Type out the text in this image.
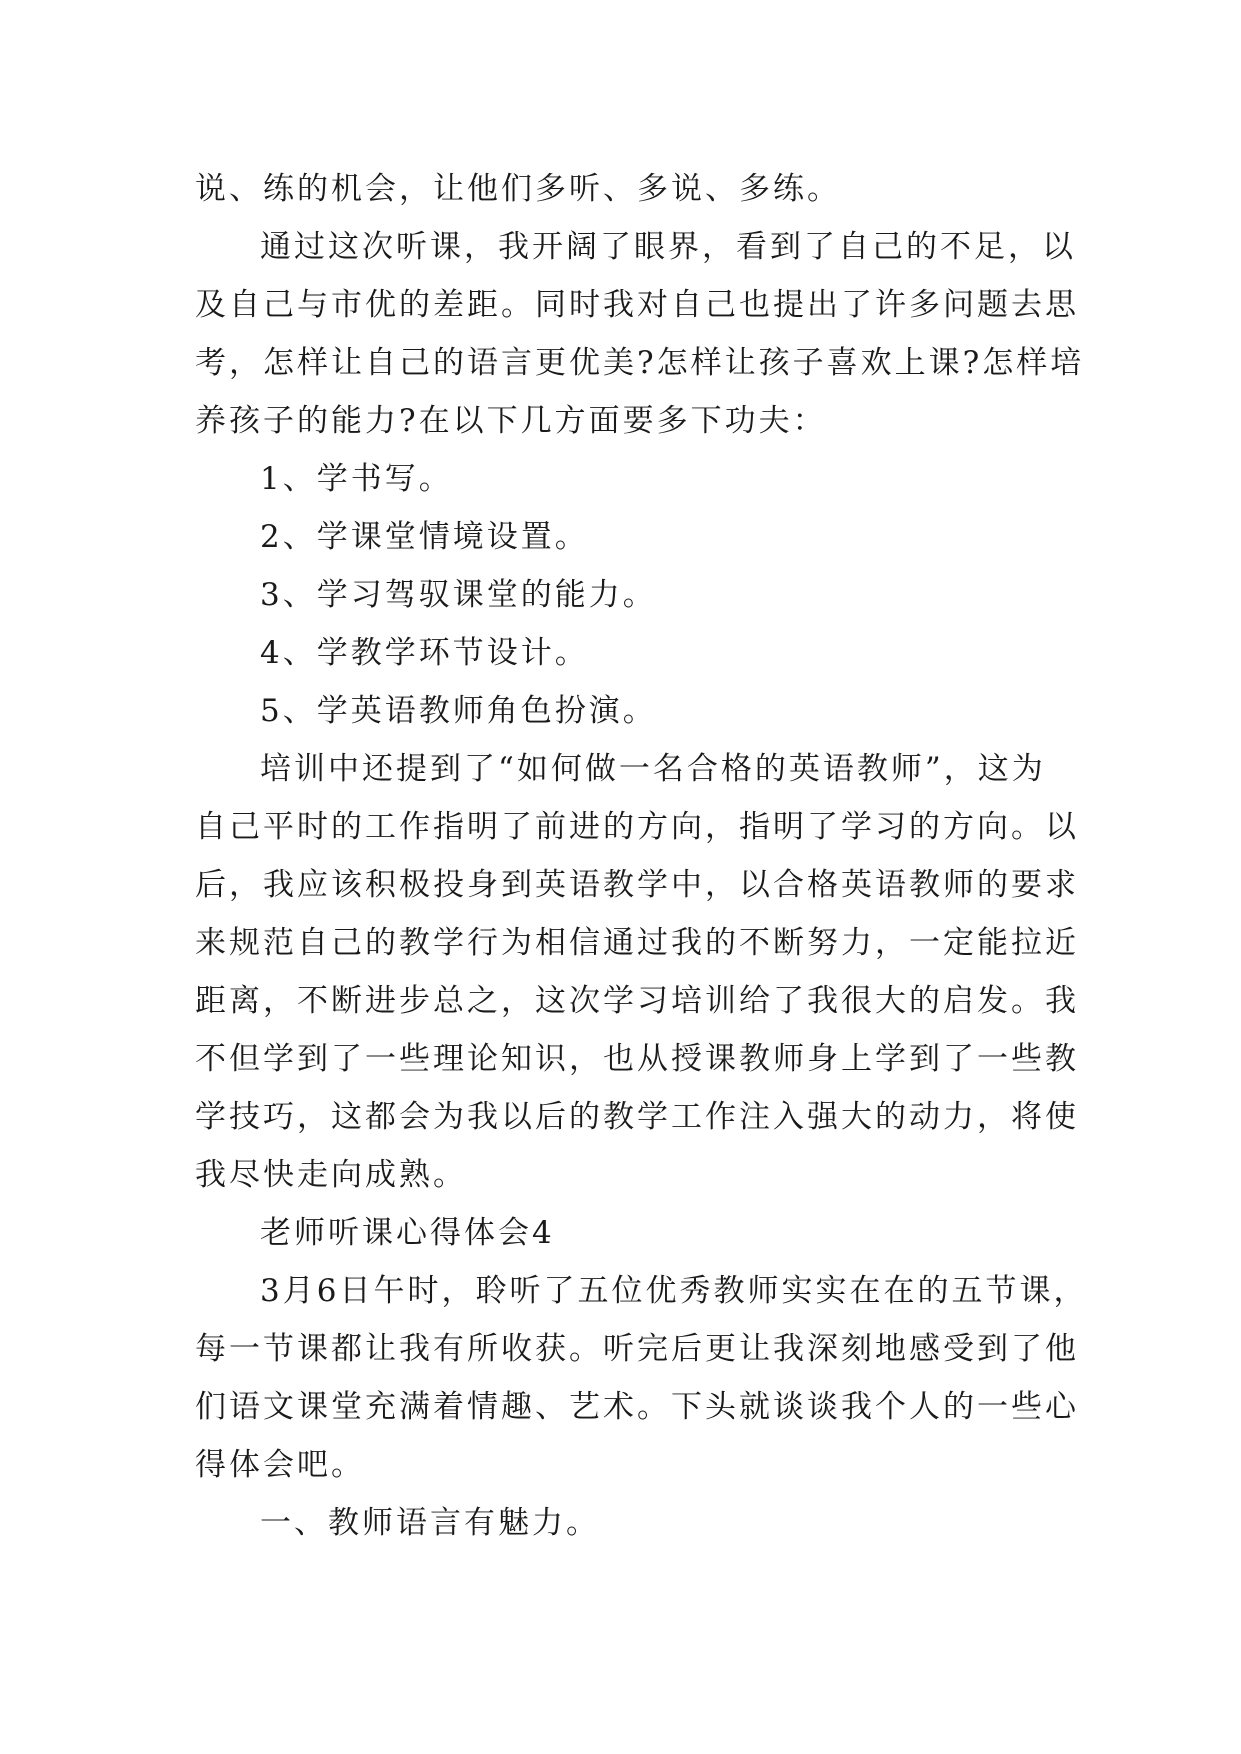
说、练的机会，让他们多听、多说、多练。
通过这次听课，我开阔了眼界，看到了自己的不足，以
及自己与市优的差距。同时我对自己也提出了许多问题去思
考，怎样让自己的语言更优美?怎样让孩子喜欢上课?怎样培
养孩子的能力?在以下几方面要多下功夫：
1、学书写。
2、学课堂情境设置。
3、学习驾驭课堂的能力。
4、学教学环节设计。
5、学英语教师角色扮演。
培训中还提到了“如何做一名合格的英语教师”，这为
自己平时的工作指明了前进的方向，指明了学习的方向。以
后，我应该积极投身到英语教学中，以合格英语教师的要求
来规范自己的教学行为相信通过我的不断努力，一定能拉近
距离，不断进步总之，这次学习培训给了我很大的启发。我
不但学到了一些理论知识，也从授课教师身上学到了一些教
学技巧，这都会为我以后的教学工作注入强大的动力，将使
我尽快走向成熟。
老师听课心得体会4
3月6日午时，聆听了五位优秀教师实实在在的五节课，
每一节课都让我有所收获。听完后更让我深刻地感受到了他
们语文课堂充满着情趣、艺术。下头就谈谈我个人的一些心
得体会吧。
一、教师语言有魅力。
